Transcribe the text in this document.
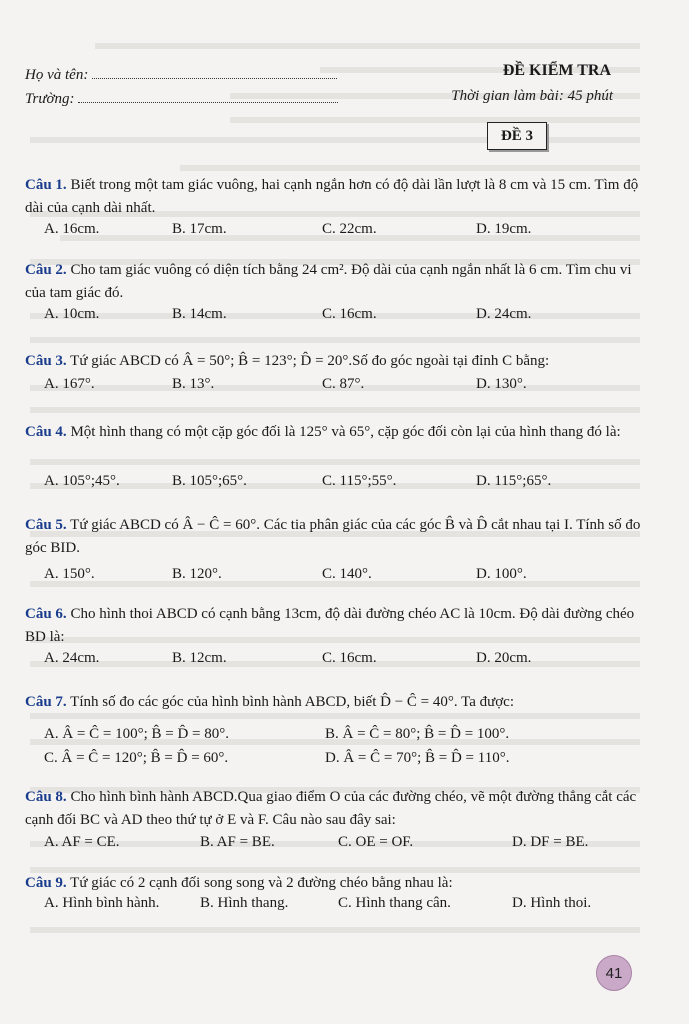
Họ và tên:
Trường:
ĐỀ KIỂM TRA
Thời gian làm bài: 45 phút
ĐỀ 3
Câu 1. Biết trong một tam giác vuông, hai cạnh ngắn hơn có độ dài lần lượt là 8 cm và 15 cm. Tìm độ dài của cạnh dài nhất.
A. 16cm.	B. 17cm.	C. 22cm.	D. 19cm.
Câu 2. Cho tam giác vuông có diện tích bằng 24 cm². Độ dài của cạnh ngắn nhất là 6 cm. Tìm chu vi của tam giác đó.
A. 10cm.	B. 14cm.	C. 16cm.	D. 24cm.
Câu 3. Tứ giác ABCD có Â = 50°; B̂ = 123°; D̂ = 20°.Số đo góc ngoài tại đỉnh C bằng:
A. 167°.	B. 13°.	C. 87°.	D. 130°.
Câu 4. Một hình thang có một cặp góc đối là 125° và 65°, cặp góc đối còn lại của hình thang đó là:
A. 105°;45°.	B. 105°;65°.	C. 115°;55°.	D. 115°;65°.
Câu 5. Tứ giác ABCD có Â − Ĉ = 60°. Các tia phân giác của các góc B̂ và D̂ cắt nhau tại I. Tính số đo góc BID.
A. 150°.	B. 120°.	C. 140°.	D. 100°.
Câu 6. Cho hình thoi ABCD có cạnh bằng 13cm, độ dài đường chéo AC là 10cm. Độ dài đường chéo BD là:
A. 24cm.	B. 12cm.	C. 16cm.	D. 20cm.
Câu 7. Tính số đo các góc của hình bình hành ABCD, biết D̂ − Ĉ = 40°. Ta được:
A. Â = Ĉ = 100°; B̂ = D̂ = 80°.	B. Â = Ĉ = 80°; B̂ = D̂ = 100°.
C. Â = Ĉ = 120°; B̂ = D̂ = 60°.	D. Â = Ĉ = 70°; B̂ = D̂ = 110°.
Câu 8. Cho hình bình hành ABCD.Qua giao điểm O của các đường chéo, vẽ một đường thẳng cắt các cạnh đối BC và AD theo thứ tự ở E và F. Câu nào sau đây sai:
A. AF = CE.	B. AF = BE.	C. OE = OF.	D. DF = BE.
Câu 9. Tứ giác có 2 cạnh đối song song và 2 đường chéo bằng nhau là:
A. Hình bình hành.	B. Hình thang.	C. Hình thang cân.	D. Hình thoi.
41
